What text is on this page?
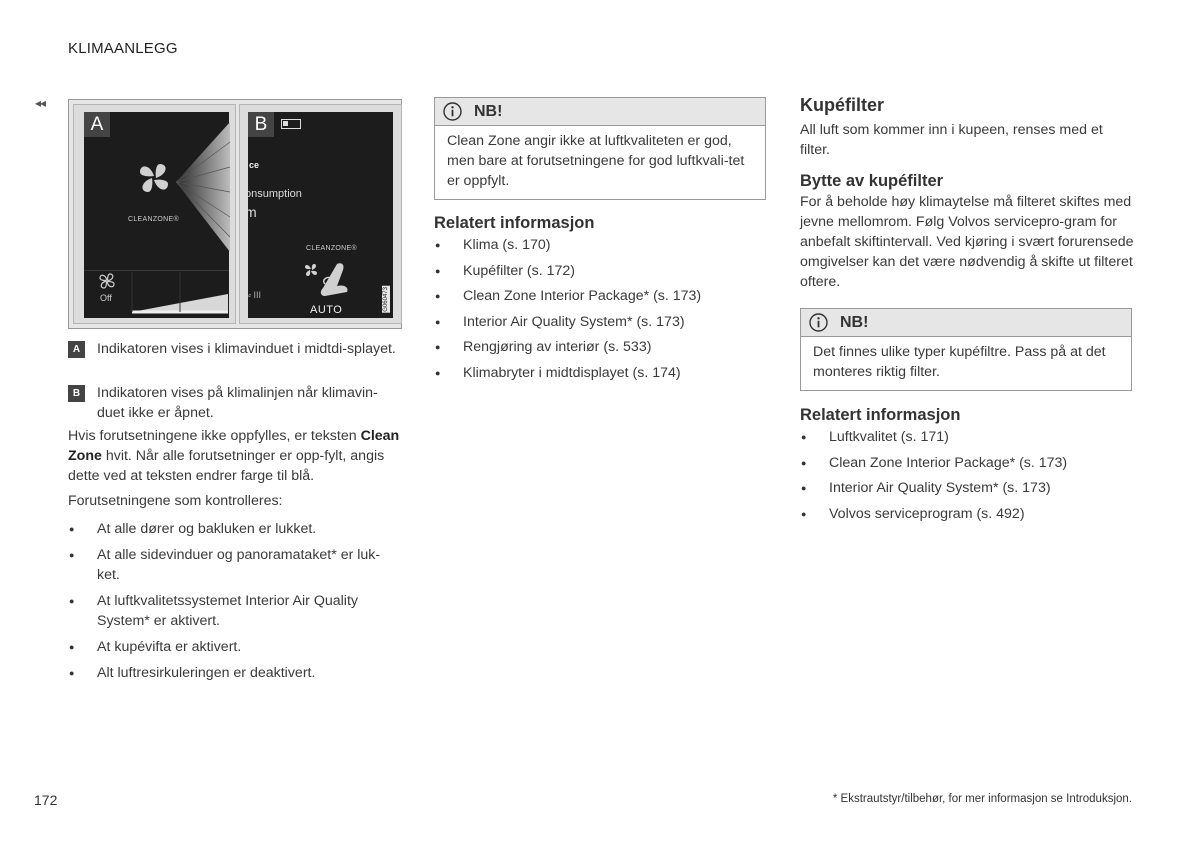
KLIMAANLEGG
◂◂
A
CLEANZONE®
Off
B
ce
onsumption
m
CLEANZONE®
AUTO
⸗ III	G060473
A	Indikatoren vises i klimavinduet i midtdi-splayet.
B	Indikatoren vises på klimalinjen når klimavin-duet ikke er åpnet.
Hvis forutsetningene ikke oppfylles, er teksten Clean Zone hvit. Når alle forutsetninger er opp-fylt, angis dette ved at teksten endrer farge til blå.
Forutsetningene som kontrolleres:
● At alle dører og bakluken er lukket.
● At alle sidevinduer og panoramataket* er luk-ket.
● At luftkvalitetssystemet Interior Air Quality System* er aktivert.
● At kupévifta er aktivert.
● Alt luftresirkuleringen er deaktivert.
NB!
Clean Zone angir ikke at luftkvaliteten er god, men bare at forutsetningene for god luftkvali-tet er oppfylt.
Relatert informasjon
● Klima (s. 170)
● Kupéfilter (s. 172)
● Clean Zone Interior Package* (s. 173)
● Interior Air Quality System* (s. 173)
● Rengjøring av interiør (s. 533)
● Klimabryter i midtdisplayet (s. 174)
Kupéfilter
All luft som kommer inn i kupeen, renses med et filter.
Bytte av kupéfilter
For å beholde høy klimaytelse må filteret skiftes med jevne mellomrom. Følg Volvos servicepro-gram for anbefalt skiftintervall. Ved kjøring i svært forurensede omgivelser kan det være nødvendig å skifte ut filteret oftere.
NB!
Det finnes ulike typer kupéfiltre. Pass på at det monteres riktig filter.
Relatert informasjon
● Luftkvalitet (s. 171)
● Clean Zone Interior Package* (s. 173)
● Interior Air Quality System* (s. 173)
● Volvos serviceprogram (s. 492)
172	* Ekstrautstyr/tilbehør, for mer informasjon se Introduksjon.
